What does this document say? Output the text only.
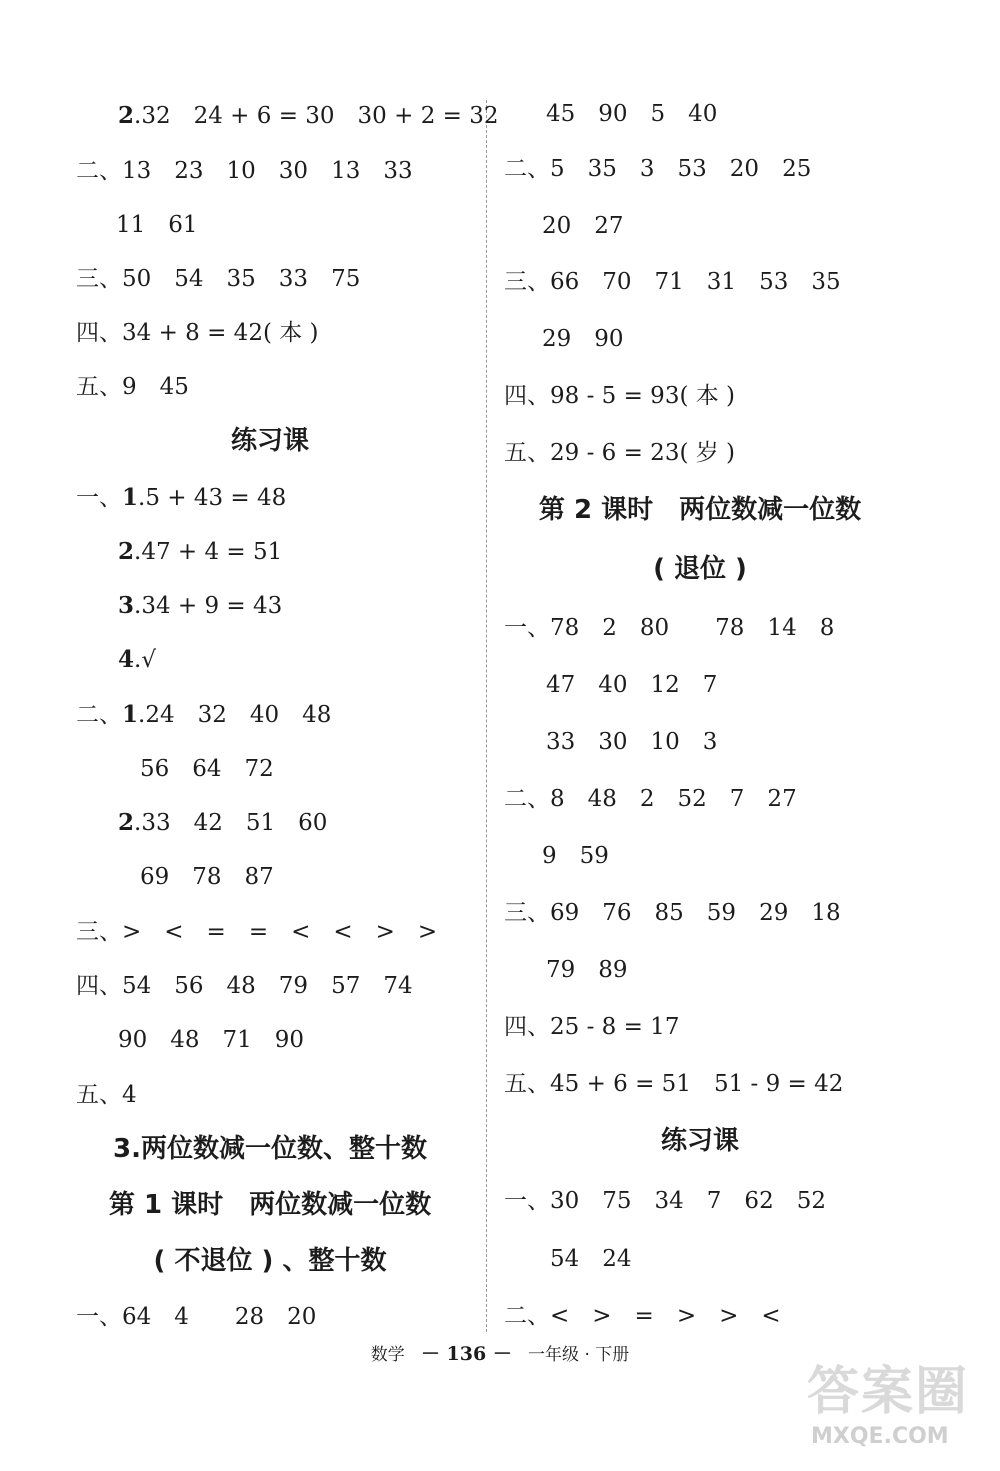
2.32　24 + 6 = 30　30 + 2 = 32
二、13　23　10　30　13　33
11　61
三、50　54　35　33　75
四、34 + 8 = 42( 本 )
五、9　45
练习课
一、1.5 + 43 = 48
2.47 + 4 = 51
3.34 + 9 = 43
4.√
二、1.24　32　40　48
56　64　72
2.33　42　51　60
69　78　87
三、>　<　=　=　<　<　>　>
四、54　56　48　79　57　74
90　48　71　90
五、4
3.两位数减一位数、整十数
第 1 课时　两位数减一位数
( 不退位 ) 、整十数
一、64　4　　28　20
45　90　5　40
二、5　35　3　53　20　25
20　27
三、66　70　71　31　53　35
29　90
四、98 - 5 = 93( 本 )
五、29 - 6 = 23( 岁 )
第 2 课时　两位数减一位数
( 退位 )
一、78　2　80　　78　14　8
47　40　12　7
33　30　10　3
二、8　48　2　52　7　27
9　59
三、69　76　85　59　29　18
79　89
四、25 - 8 = 17
五、45 + 6 = 51　51 - 9 = 42
练习课
一、30　75　34　7　62　52
54　24
二、<　>　=　>　>　<
数学 － 136 － 一年级 · 下册
答案圈
MXQE.COM
